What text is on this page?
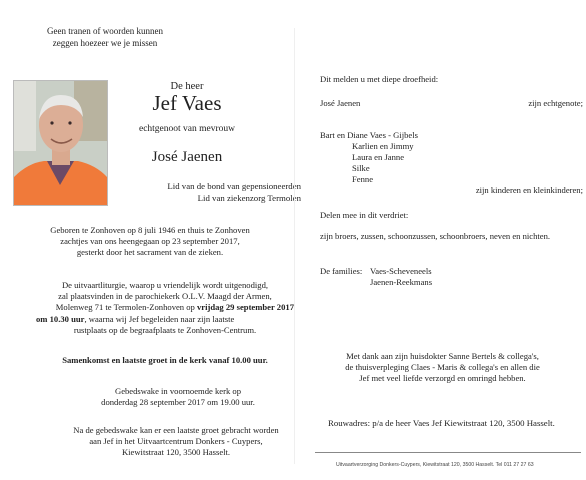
Geen tranen of woorden kunnen
zeggen hoezeer we je missen
De heer
Jef Vaes
echtgenoot van mevrouw
José Jaenen
Lid van de bond van gepensioneerden
Lid van ziekenzorg Termolen
Geboren te Zonhoven op 8 juli 1946 en thuis te Zonhoven
zachtjes van ons heengegaan op 23 september 2017,
gesterkt door het sacrament van de zieken.
De uitvaartliturgie, waarop u vriendelijk wordt uitgenodigd,
zal plaatsvinden in de parochiekerk O.L.V. Maagd der Armen,
Molenweg 71 te Termolen-Zonhoven op vrijdag 29 september 2017
om 10.30 uur, waarna wij Jef begeleiden naar zijn laatste
rustplaats op de begraafplaats te Zonhoven-Centrum.
Samenkomst en laatste groet in de kerk vanaf 10.00 uur.
Gebedswake in voornoemde kerk op
donderdag 28 september 2017 om 19.00 uur.
Na de gebedswake kan er een laatste groet gebracht worden
aan Jef in het Uitvaartcentrum Donkers - Cuypers,
Kiewitstraat 120, 3500 Hasselt.
Dit melden u met diepe droefheid:
José Jaenen	zijn echtgenote;
Bart en Diane Vaes - Gijbels
Karlien en Jimmy
Laura en Janne
Silke
Fenne
zijn kinderen en kleinkinderen;
Delen mee in dit verdriet:
zijn broers, zussen, schoonzussen, schoonbroers, neven en nichten.
De families: Vaes-Scheveneels
Jaenen-Reekmans
Met dank aan zijn huisdokter Sanne Bertels & collega's,
de thuisverpleging Claes - Maris & collega's en allen die
Jef met veel liefde verzorgd en omringd hebben.
Rouwadres: p/a de heer Vaes Jef Kiewitstraat 120, 3500 Hasselt.
Uitvaartverzorging Donkers-Cuypers, Kiewitstraat 120, 3500 Hasselt. Tel 011 27 27 63
